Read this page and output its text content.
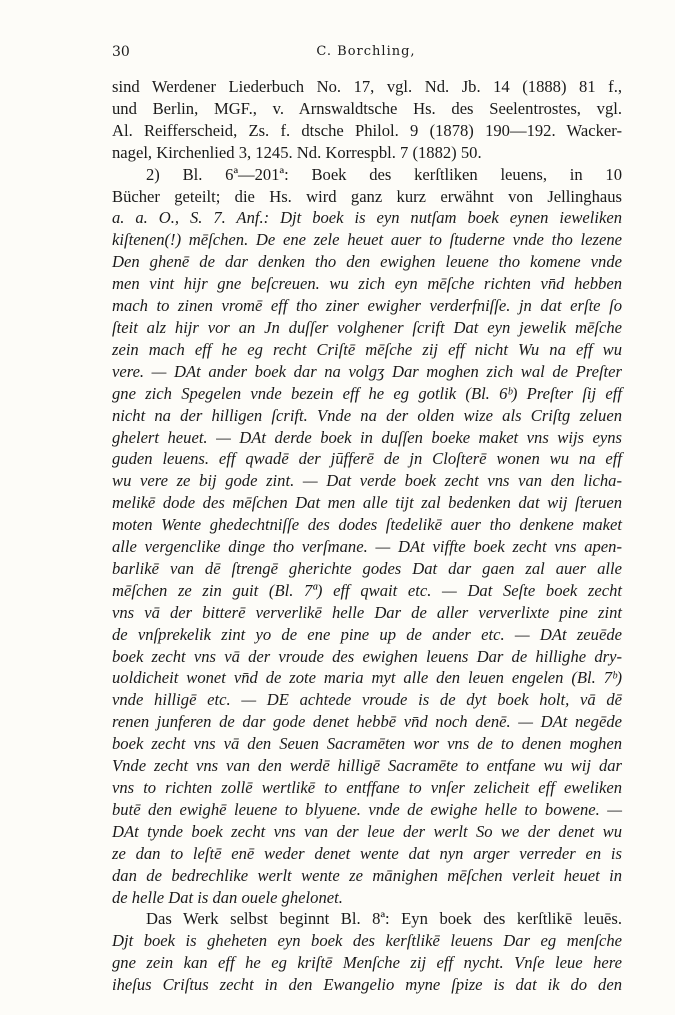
30	C. Borchling,
sind Werdener Liederbuch No. 17, vgl. Nd. Jb. 14 (1888) 81 f.,
und Berlin, MGF., v. Arnswaldtsche Hs. des Seelentrostes, vgl.
Al. Reifferscheid, Zs. f. dtsche Philol. 9 (1878) 190—192. Wacker-
nagel, Kirchenlied 3, 1245. Nd. Korrespbl. 7 (1882) 50.
2) Bl. 6ª—201ª: Boek des kerſtliken leuens, in 10
Bücher geteilt; die Hs. wird ganz kurz erwähnt von Jellinghaus
a. a. O., S. 7. Anf.: Djt boek is eyn nutſam boek eynen ieweliken
kiſtenen(!) mēſchen. De ene zele heuet auer to ſtuderne vnde tho lezene
Den ghenē de dar denken tho den ewighen leuene tho komene vnde
men vint hijr gne beſcreuen. wu zich eyn mēſche richten vn̄d hebben
mach to zinen vromē eff tho ziner ewigher verderfniſſe. jn dat erſte ſo
ſteit alz hijr vor an Jn duſſer volghener ſcrift Dat eyn jewelik mēſche
zein mach eff he eg recht Criſtē mēſche zij eff nicht Wu na eff wu
vere. — DAt ander boek dar na volgʒ Dar moghen zich wal de Preſter
gne zich Spegelen vnde bezein eff he eg gotlik (Bl. 6ᵇ) Preſter ſij eff
nicht na der hilligen ſcrift. Vnde na der olden wize als Criſtɡ zeluen
ghelert heuet. — DAt derde boek in duſſen boeke maket vns wijs eyns
guden leuens. eff qwadē der jūfferē de jn Cloſterē wonen wu na eff
wu vere ze bij gode zint. — Dat verde boek zecht vns van den licha-
melikē dode des mēſchen Dat men alle tijt zal bedenken dat wij ſteruen
moten Wente ghedechtniſſe des dodes ſtedelikē auer tho denkene maket
alle vergenclike dinge tho verſmane. — DAt viffte boek zecht vns apen-
barlikē van dē ſtrengē gherichte godes Dat dar gaen zal auer alle
mēſchen ze zin guit (Bl. 7ª) eff qwait etc. — Dat Seſte boek zecht
vns vā der bitterē ververlikē helle Dar de aller ververlixte pine zint
de vnſprekelik zint yo de ene pine up de ander etc. — DAt zeuēde
boek zecht vns vā der vroude des ewighen leuens Dar de hillighe dry-
uoldicheit wonet vn̄d de zote maria myt alle den leuen engelen (Bl. 7ᵇ)
vnde hilligē etc. — DE achtede vroude is de dyt boek holt, vā dē
renen junferen de dar gode denet hebbē vn̄d noch denē. — DAt negēde
boek zecht vns vā den Seuen Sacramēten wor vns de to denen moghen
Vnde zecht vns van den werdē hilligē Sacramēte to entfane wu wij dar
vns to richten zollē wertlikē to entffane to vnſer zelicheit eff eweliken
butē den ewighē leuene to blyuene. vnde de ewighe helle to bowene. —
DAt tynde boek zecht vns van der leue der werlt So we der denet wu
ze dan to leſtē enē weder denet wente dat nyn arger verreder en is
dan de bedrechlike werlt wente ze mānighen mēſchen verleit heuet in
de helle Dat is dan ouele ghelonet.
Das Werk selbst beginnt Bl. 8ª: Eyn boek des kerſtlikē leuēs.
Djt boek is gheheten eyn boek des kerſtlikē leuens Dar eg menſche
gne zein kan eff he eg kriſtē Menſche zij eff nycht. Vnſe leue here
iheſus Criſtus zecht in den Ewangelio myne ſpize is dat ik do den
